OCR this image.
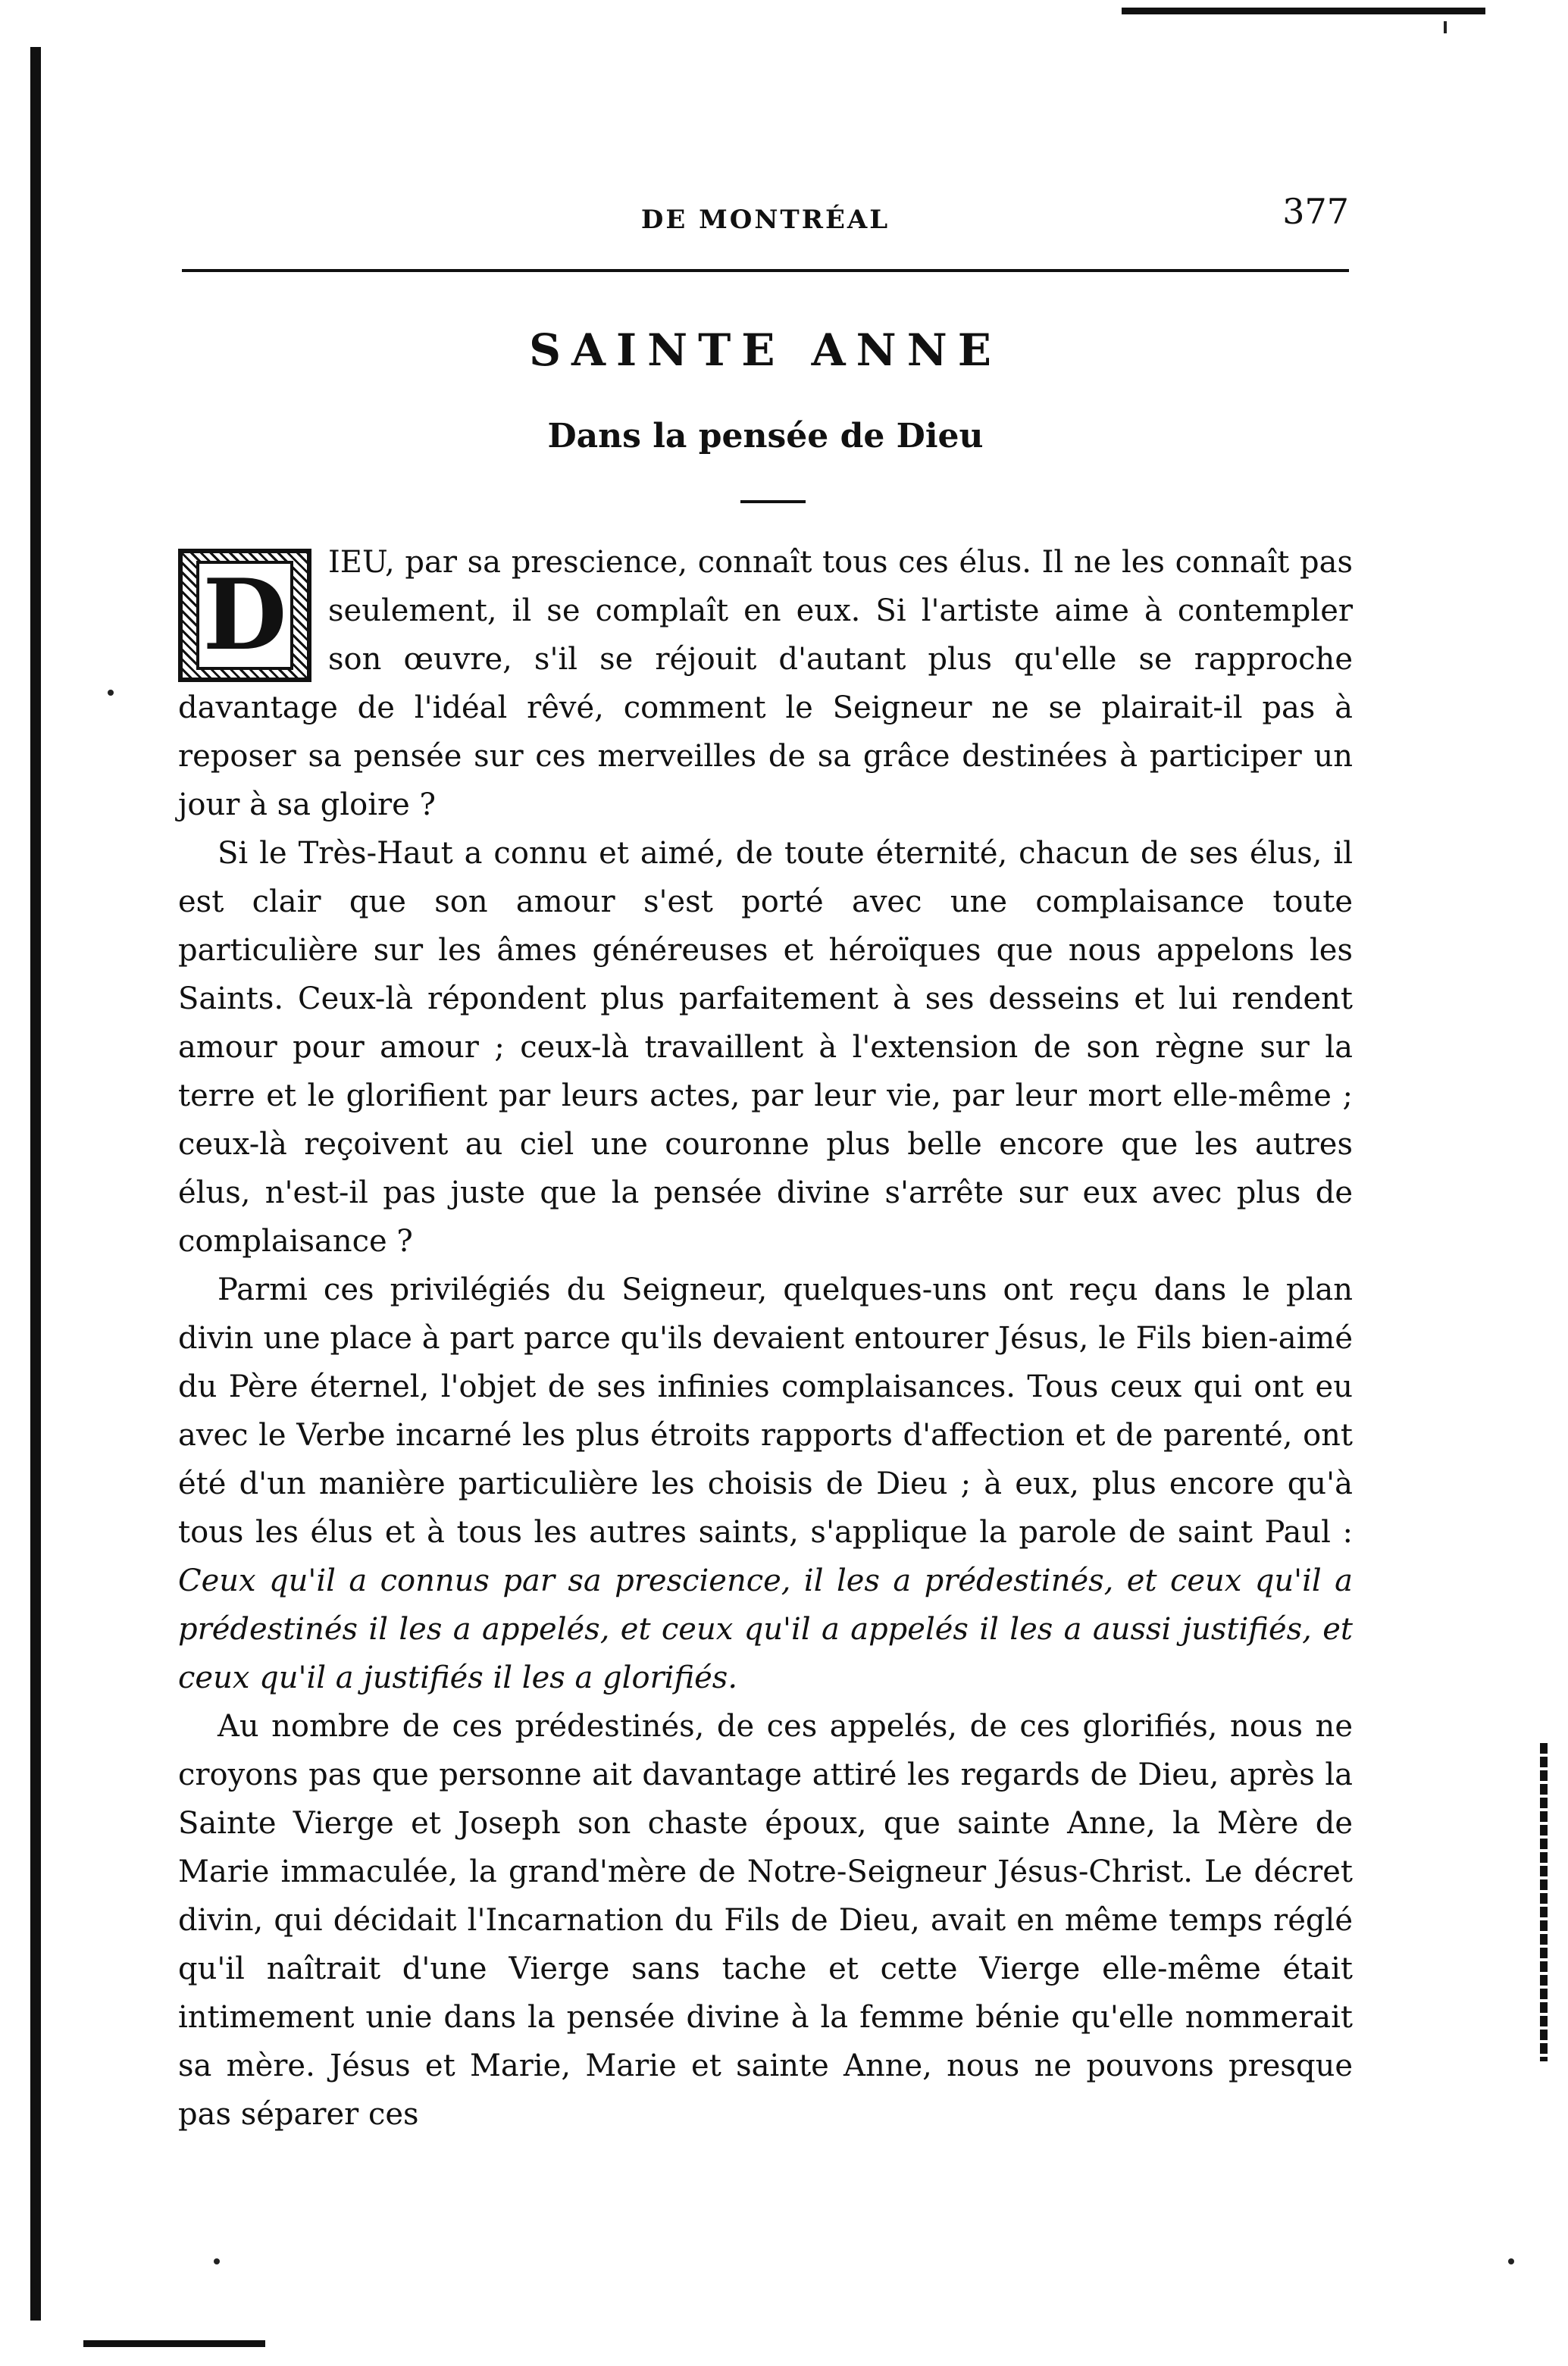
DE MONTRÉAL	377
SAINTE ANNE
Dans la pensée de Dieu

D IEU, par sa prescience, connaît tous ces élus. Il ne les connaît pas seulement, il se complaît en eux. Si l'artiste aime à contempler son œuvre, s'il se réjouit d'autant plus qu'elle se rapproche davantage de l'idéal rêvé, comment le Seigneur ne se plairait-il pas à reposer sa pensée sur ces merveilles de sa grâce destinées à participer un jour à sa gloire ?

Si le Très-Haut a connu et aimé, de toute éternité, chacun de ses élus, il est clair que son amour s'est porté avec une complaisance toute particulière sur les âmes généreuses et héroïques que nous appelons les Saints. Ceux-là répondent plus parfaitement à ses desseins et lui rendent amour pour amour ; ceux-là travaillent à l'extension de son règne sur la terre et le glorifient par leurs actes, par leur vie, par leur mort elle-même ; ceux-là reçoivent au ciel une couronne plus belle encore que les autres élus, n'est-il pas juste que la pensée divine s'arrête sur eux avec plus de complaisance ?

Parmi ces privilégiés du Seigneur, quelques-uns ont reçu dans le plan divin une place à part parce qu'ils devaient entourer Jésus, le Fils bien-aimé du Père éternel, l'objet de ses infinies complaisances. Tous ceux qui ont eu avec le Verbe incarné les plus étroits rapports d'affection et de parenté, ont été d'un manière particulière les choisis de Dieu ; à eux, plus encore qu'à tous les élus et à tous les autres saints, s'applique la parole de saint Paul : Ceux qu'il a connus par sa prescience, il les a prédestinés, et ceux qu'il a prédestinés il les a appelés, et ceux qu'il a appelés il les a aussi justifiés, et ceux qu'il a justifiés il les a glorifiés.

Au nombre de ces prédestinés, de ces appelés, de ces glorifiés, nous ne croyons pas que personne ait davantage attiré les regards de Dieu, après la Sainte Vierge et Joseph son chaste époux, que sainte Anne, la Mère de Marie immaculée, la grand'mère de Notre-Seigneur Jésus-Christ. Le décret divin, qui décidait l'Incarnation du Fils de Dieu, avait en même temps réglé qu'il naîtrait d'une Vierge sans tache et cette Vierge elle-même était intimement unie dans la pensée divine à la femme bénie qu'elle nommerait sa mère. Jésus et Marie, Marie et sainte Anne, nous ne pouvons presque pas séparer ces
